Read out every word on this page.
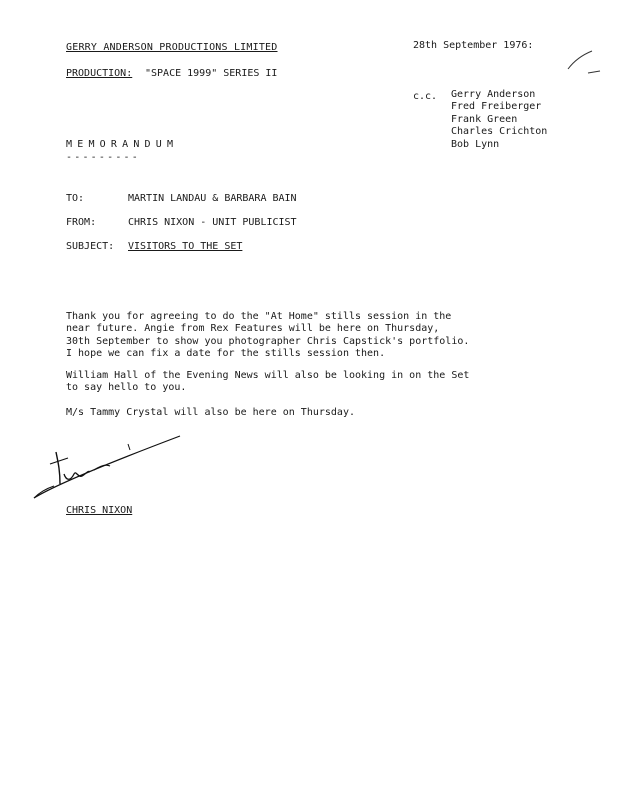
GERRY ANDERSON PRODUCTIONS LIMITED	28th September 1976:
PRODUCTION: "SPACE 1999" SERIES II
c.c. Gerry Anderson
Fred Freiberger
Frank Green
Charles Crichton
Bob Lynn
MEMORANDUM
---------
TO:	MARTIN LANDAU & BARBARA BAIN
FROM:	CHRIS NIXON - UNIT PUBLICIST
SUBJECT: VISITORS TO THE SET
Thank you for agreeing to do the "At Home" stills session in the
near future. Angie from Rex Features will be here on Thursday,
30th September to show you photographer Chris Capstick's portfolio.
I hope we can fix a date for the stills session then.
William Hall of the Evening News will also be looking in on the Set
to say hello to you.
M/s Tammy Crystal will also be here on Thursday.
CHRIS NIXON
